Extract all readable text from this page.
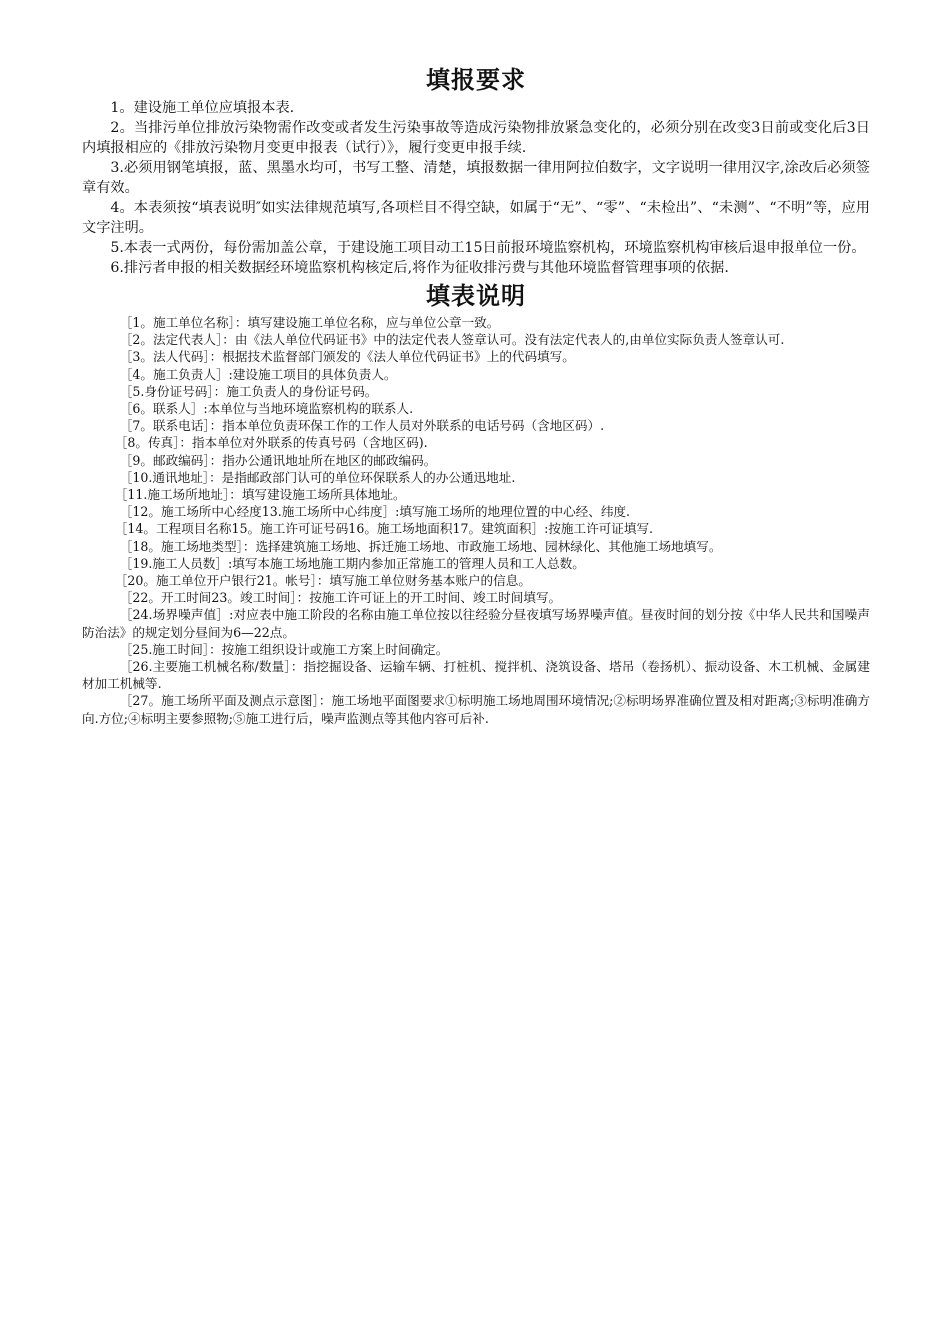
填报要求

1。建设施工单位应填报本表.

2。当排污单位排放污染物需作改变或者发生污染事故等造成污染物排放紧急变化的，必须分别在改变3日前或变化后3日内填报相应的《排放污染物月变更申报表（试行）》，履行变更申报手续.

3.必须用钢笔填报，蓝、黑墨水均可，书写工整、清楚，填报数据一律用阿拉伯数字，文字说明一律用汉字,涂改后必须签章有效。

4。本表须按“填表说明″如实法律规范填写,各项栏目不得空缺，如属于“无”、“零”、“未检出”、“未测”、“不明”等，应用文字注明。

5.本表一式两份，每份需加盖公章，于建设施工项目动工15日前报环境监察机构，环境监察机构审核后退申报单位一份。

6.排污者申报的相关数据经环境监察机构核定后,将作为征收排污费与其他环境监督管理事项的依据.

填表说明

［1。施工单位名称］：填写建设施工单位名称，应与单位公章一致。

［2。法定代表人］：由《法人单位代码证书》中的法定代表人签章认可。没有法定代表人的,由单位实际负责人签章认可.

［3。法人代码］：根据技术监督部门颁发的《法人单位代码证书》上的代码填写。

［4。施工负责人］:建设施工项目的具体负责人。

［5.身份证号码］：施工负责人的身份证号码。

［6。联系人］:本单位与当地环境监察机构的联系人.

［7。联系电话］：指本单位负责环保工作的工作人员对外联系的电话号码（含地区码）.

［8。传真］：指本单位对外联系的传真号码（含地区码).

［9。邮政编码］：指办公通讯地址所在地区的邮政编码。

［10.通讯地址］：是指邮政部门认可的单位环保联系人的办公通迅地址.

［11.施工场所地址］：填写建设施工场所具体地址。

［12。施工场所中心经度13.施工场所中心纬度］:填写施工场所的地理位置的中心经、纬度.

［14。工程项目名称15。施工许可证号码16。施工场地面积17。建筑面积］:按施工许可证填写.

［18。施工场地类型］：选择建筑施工场地、拆迁施工场地、市政施工场地、园林绿化、其他施工场地填写。

［19.施工人员数］:填写本施工场地施工期内参加正常施工的管理人员和工人总数。

［20。施工单位开户银行21。帐号］：填写施工单位财务基本账户的信息。

［22。开工时间23。竣工时间］：按施工许可证上的开工时间、竣工时间填写。

［24.场界噪声值］:对应表中施工阶段的名称由施工单位按以往经验分昼夜填写场界噪声值。昼夜时间的划分按《中华人民共和国噪声防治法》的规定划分昼间为6—22点。

［25.施工时间］：按施工组织设计或施工方案上时间确定。

［26.主要施工机械名称/数量］：指挖掘设备、运输车辆、打桩机、搅拌机、浇筑设备、塔吊（卷扬机）、振动设备、木工机械、金属建材加工机械等.

［27。施工场所平面及测点示意图］：施工场地平面图要求①标明施工场地周围环境情况;②标明场界准确位置及相对距离;③标明准确方向.方位;④标明主要参照物;⑤施工进行后，噪声监测点等其他内容可后补.
